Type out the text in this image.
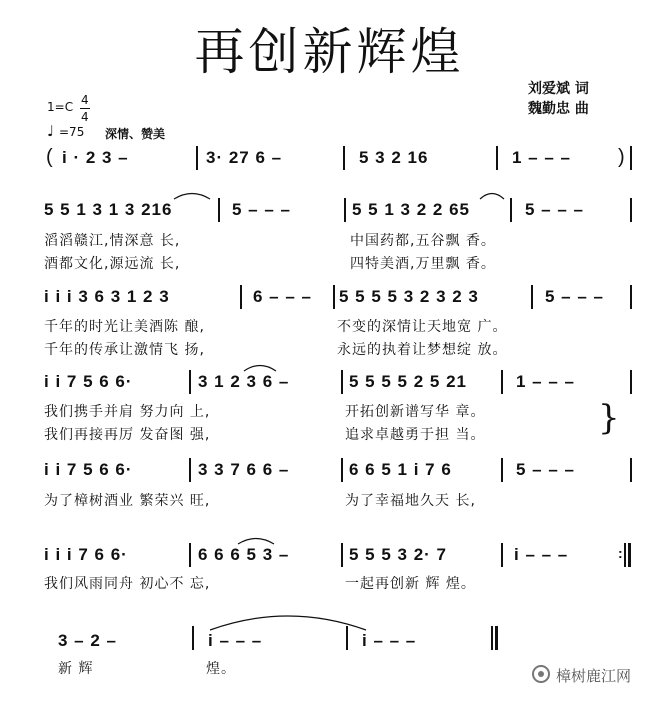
再创新辉煌
刘爱斌 词
魏勤忠 曲
1=C 4
4
♩ =75 深情、赞美
( i · 2 3 –	3· 27 6 –	5 3 2 16	1 – – – )
5 5 1 3 1 3 216	5 – – –	5 5 1 3 2 2 65	5 – – –
滔滔赣江,情深意 长,	中国药都,五谷飘 香。
酒都文化,源远流 长,	四特美酒,万里飘 香。
i i i 3 6 3 1 2 3	6 – – – 5 5 5 5 3 2 3 2 3	5 – – –
千年的时光让美酒陈 酿,	不变的深情让天地宽 广。
千年的传承让激情飞 扬,	永远的执着让梦想绽 放。
i i 7 5 6 6·	3 1 2 3 6 –	5 5 5 5 2 5 21	1 – – –
我们携手并肩 努力向 上,	开拓创新谱写华 章。
我们再接再厉 发奋图 强,	追求卓越勇于担 当。	}
i i 7 5 6 6·	3 3 7 6 6 –	6 6 5 1 i 7 6	5 – – –
为了樟树酒业 繁荣兴 旺,	为了幸福地久天 长,
i i i 7 6 6·	6 6 6 5 3 –	5 5 5 3 2· 7	i – – –	:
我们风雨同舟 初心不 忘,	一起再创新 辉 煌。
3 – 2 –	i – – –	i – – –
新 辉	煌。	樟树鹿江网
